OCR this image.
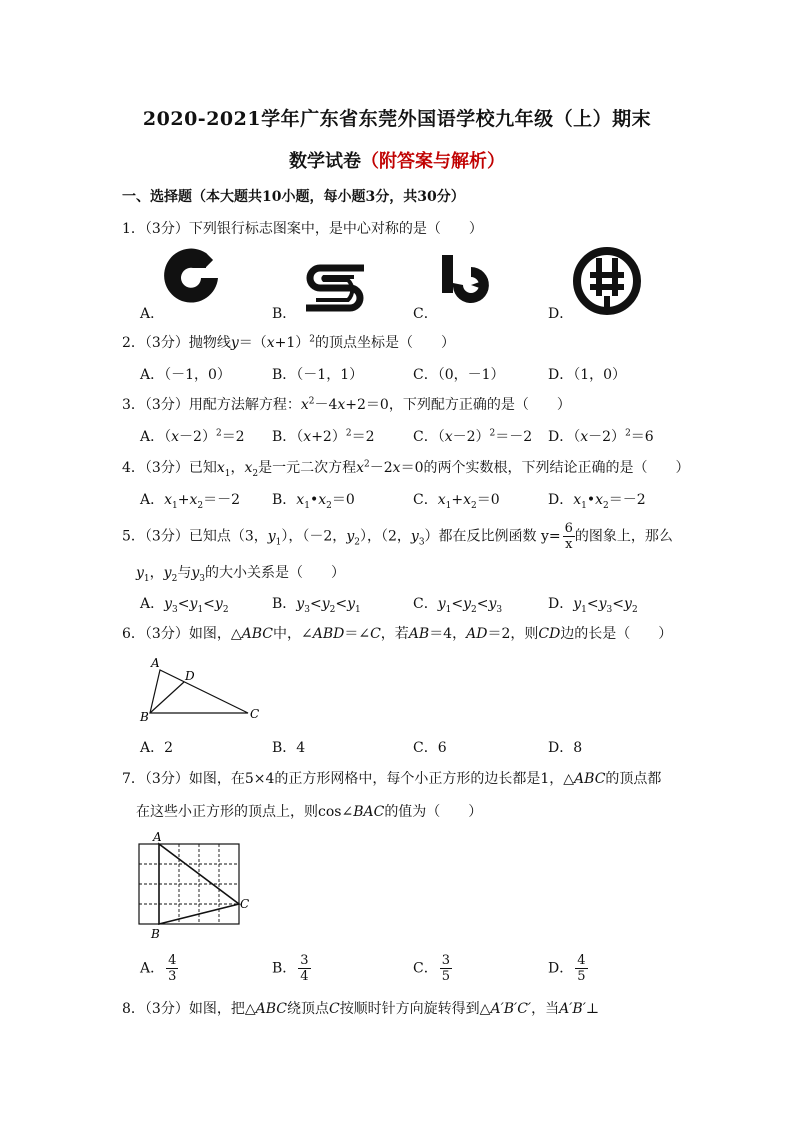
2020-2021学年广东省东莞外国语学校九年级（上）期末
数学试卷（附答案与解析）
一、选择题（本大题共10小题，每小题3分，共30分）
1．（3分）下列银行标志图案中，是中心对称的是（　　）
A．	B．	C．	D．
2．（3分）抛物线$y=(x+1)^2$的顶点坐标是（　　）
A．（－1，0）	B．（－1，1）	C．（0，－1）	D．（1，0）
3．（3分）用配方法解方程：$x^2-4x+2=0$，下列配方正确的是（　　）
A．$(x-2)^2=2$ B．$(x+2)^2=2$	C．$(x-2)^2=-2$ D．$(x-2)^2=6$
4．（3分）已知$x_1$，$x_2$是一元二次方程$x^2-2x=0$的两个实数根，下列结论正确的是（　　）
A．$x_1+x_2=-2$ B．$x_1•x_2=0$	C．$x_1+x_2=0$	D．$x_1•x_2=-2$
5．（3分）已知点（3，$y_1$），（－2，$y_2$），（2，$y_3$）都在反比例函数 $y= \frac{6}{x}$ 的图象上，那么
$y_1$，$y_2$与$y_3$的大小关系是（　　）
A．$y_3<y_1<y_2$	B．$y_3<y_2<y_1$	C．$y_1<y_2<y_3$	D．$y_1<y_3<y_2$
6．（3分）如图，△ABC中，∠ABD＝∠C，若AB＝4，AD＝2，则CD边的长是（　　）
A
D
B	C
A．2	B．4	C．6	D．8
7．（3分）如图，在5×4的正方形网格中，每个小正方形的边长都是1，△ABC的顶点都
在这些小正方形的顶点上，则cos∠BAC的值为（　　）
A
C
B
A． $\frac{4}{3}$	B． $\frac{3}{4}$	C． $\frac{3}{5}$	D． $\frac{4}{5}$
8．（3分）如图，把△ABC绕顶点C按顺时针方向旋转得到△A′B′C′，当A′B′⊥
